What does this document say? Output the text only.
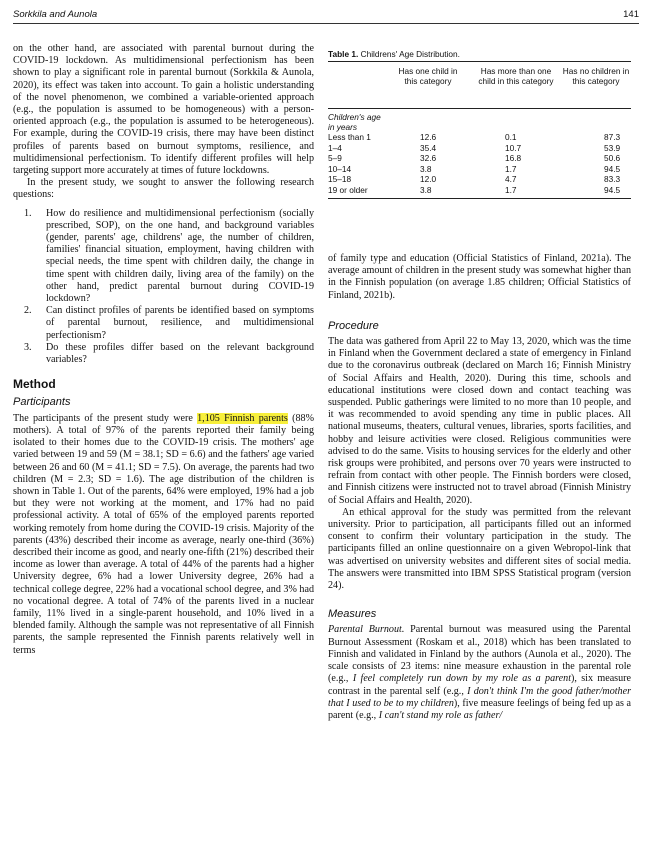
Sorkkila and Aunola	141

on the other hand, are associated with parental burnout during the COVID-19 lockdown. As multidimensional perfectionism has been shown to play a significant role in parental burnout (Sorkkila & Aunola, 2020), its effect was taken into account. To gain a holistic understanding of the novel phenomenon, we combined a variable-oriented approach (e.g., the population is assumed to be homogeneous) with a person-oriented approach (e.g., the population is assumed to be heterogeneous). For example, during the COVID-19 crisis, there may have been distinct profiles of parents based on burnout symptoms, resilience, and multidimensional perfectionism. To identify different profiles will help targeting support more accurately at times of future lockdowns.

In the present study, we sought to answer the following research questions:

1. How do resilience and multidimensional perfectionism (socially prescribed, SOP), on the one hand, and background variables (gender, parents' age, childrens' age, the number of children, families' financial situation, employment, having children with special needs, the time spent with children daily, the change in time spent with children daily, living area of the family) on the other hand, predict parental burnout during COVID-19 lockdown?
2. Can distinct profiles of parents be identified based on symptoms of parental burnout, resilience, and multidimensional perfectionism?
3. Do these profiles differ based on the relevant background variables?
Method
Participants

The participants of the present study were 1,105 Finnish parents (88% mothers). A total of 97% of the parents reported their family being isolated to their homes due to the COVID-19 crisis. The mothers' age varied between 19 and 59 (M = 38.1; SD = 6.6) and the fathers' age varied between 26 and 60 (M = 41.1; SD = 7.5). On average, the parents had two children (M = 2.3; SD = 1.6). The age distribution of the children is shown in Table 1. Out of the parents, 64% were employed, 19% had a job but they were not working at the moment, and 17% had no paid professional activity. A total of 65% of the employed parents reported working remotely from home during the COVID-19 crisis. Majority of the parents (43%) described their income as average, nearly one-third (36%) described their income as good, and nearly one-fifth (21%) described their income as lower than average. A total of 44% of the parents had a higher University degree, 6% had a lower University degree, 26% had a technical college degree, 22% had a vocational school degree, and 3% had no vocational degree. A total of 74% of the parents lived in a nuclear family, 11% lived in a single-parent household, and 10% lived in a blended family. Although the sample was not representative of all Finnish parents, the sample represented the Finnish parents relatively well in terms

Table 1. Childrens' Age Distribution.
Has one child in this category
Has more than one child in this category
Has no children in this category
Children's age in years
Less than 1	12.6	0.1	87.3
1–4	35.4	10.7	53.9
5–9	32.6	16.8	50.6
10–14	3.8	1.7	94.5
15–18	12.0	4.7	83.3
19 or older	3.8	1.7	94.5

of family type and education (Official Statistics of Finland, 2021a). The average amount of children in the present study was somewhat higher than in the Finnish population (on average 1.85 children; Official Statistics of Finland, 2021b).

Procedure

The data was gathered from April 22 to May 13, 2020, which was the time in Finland when the Government declared a state of emergency in Finland due to the coronavirus outbreak (declared on March 16; Finnish Ministry of Social Affairs and Health, 2020). During this time, schools and educational institutions were closed down and contact teaching was suspended. Public gatherings were limited to no more than 10 people, and it was recommended to avoid spending any time in public places. All national museums, theaters, cultural venues, libraries, sports facilities, and hobby and leisure activities were closed. Religious communities were advised to do the same. Visits to housing services for the elderly and other risk groups were prohibited, and persons over 70 years were instructed to refrain from contact with other people. The Finnish borders were closed, and Finnish citizens were instructed not to travel abroad (Finnish Ministry of Social Affairs and Health, 2020).

An ethical approval for the study was permitted from the relevant university. Prior to participation, all participants filled out an informed consent to confirm their voluntary participation in the study. The participants filled an online questionnaire on a given Webropol-link that was advertised on university websites and different sites of social media. The answers were transmitted into IBM SPSS Statistical program (version 24).

Measures

Parental Burnout. Parental burnout was measured using the Parental Burnout Assessment (Roskam et al., 2018) which has been translated to Finnish and validated in Finland by the authors (Aunola et al., 2020). The scale consists of 23 items: nine measure exhaustion in the parental role (e.g., I feel completely run down by my role as a parent), six measure contrast in the parental self (e.g., I don't think I'm the good father/mother that I used to be to my children), five measure feelings of being fed up as a parent (e.g., I can't stand my role as father/
